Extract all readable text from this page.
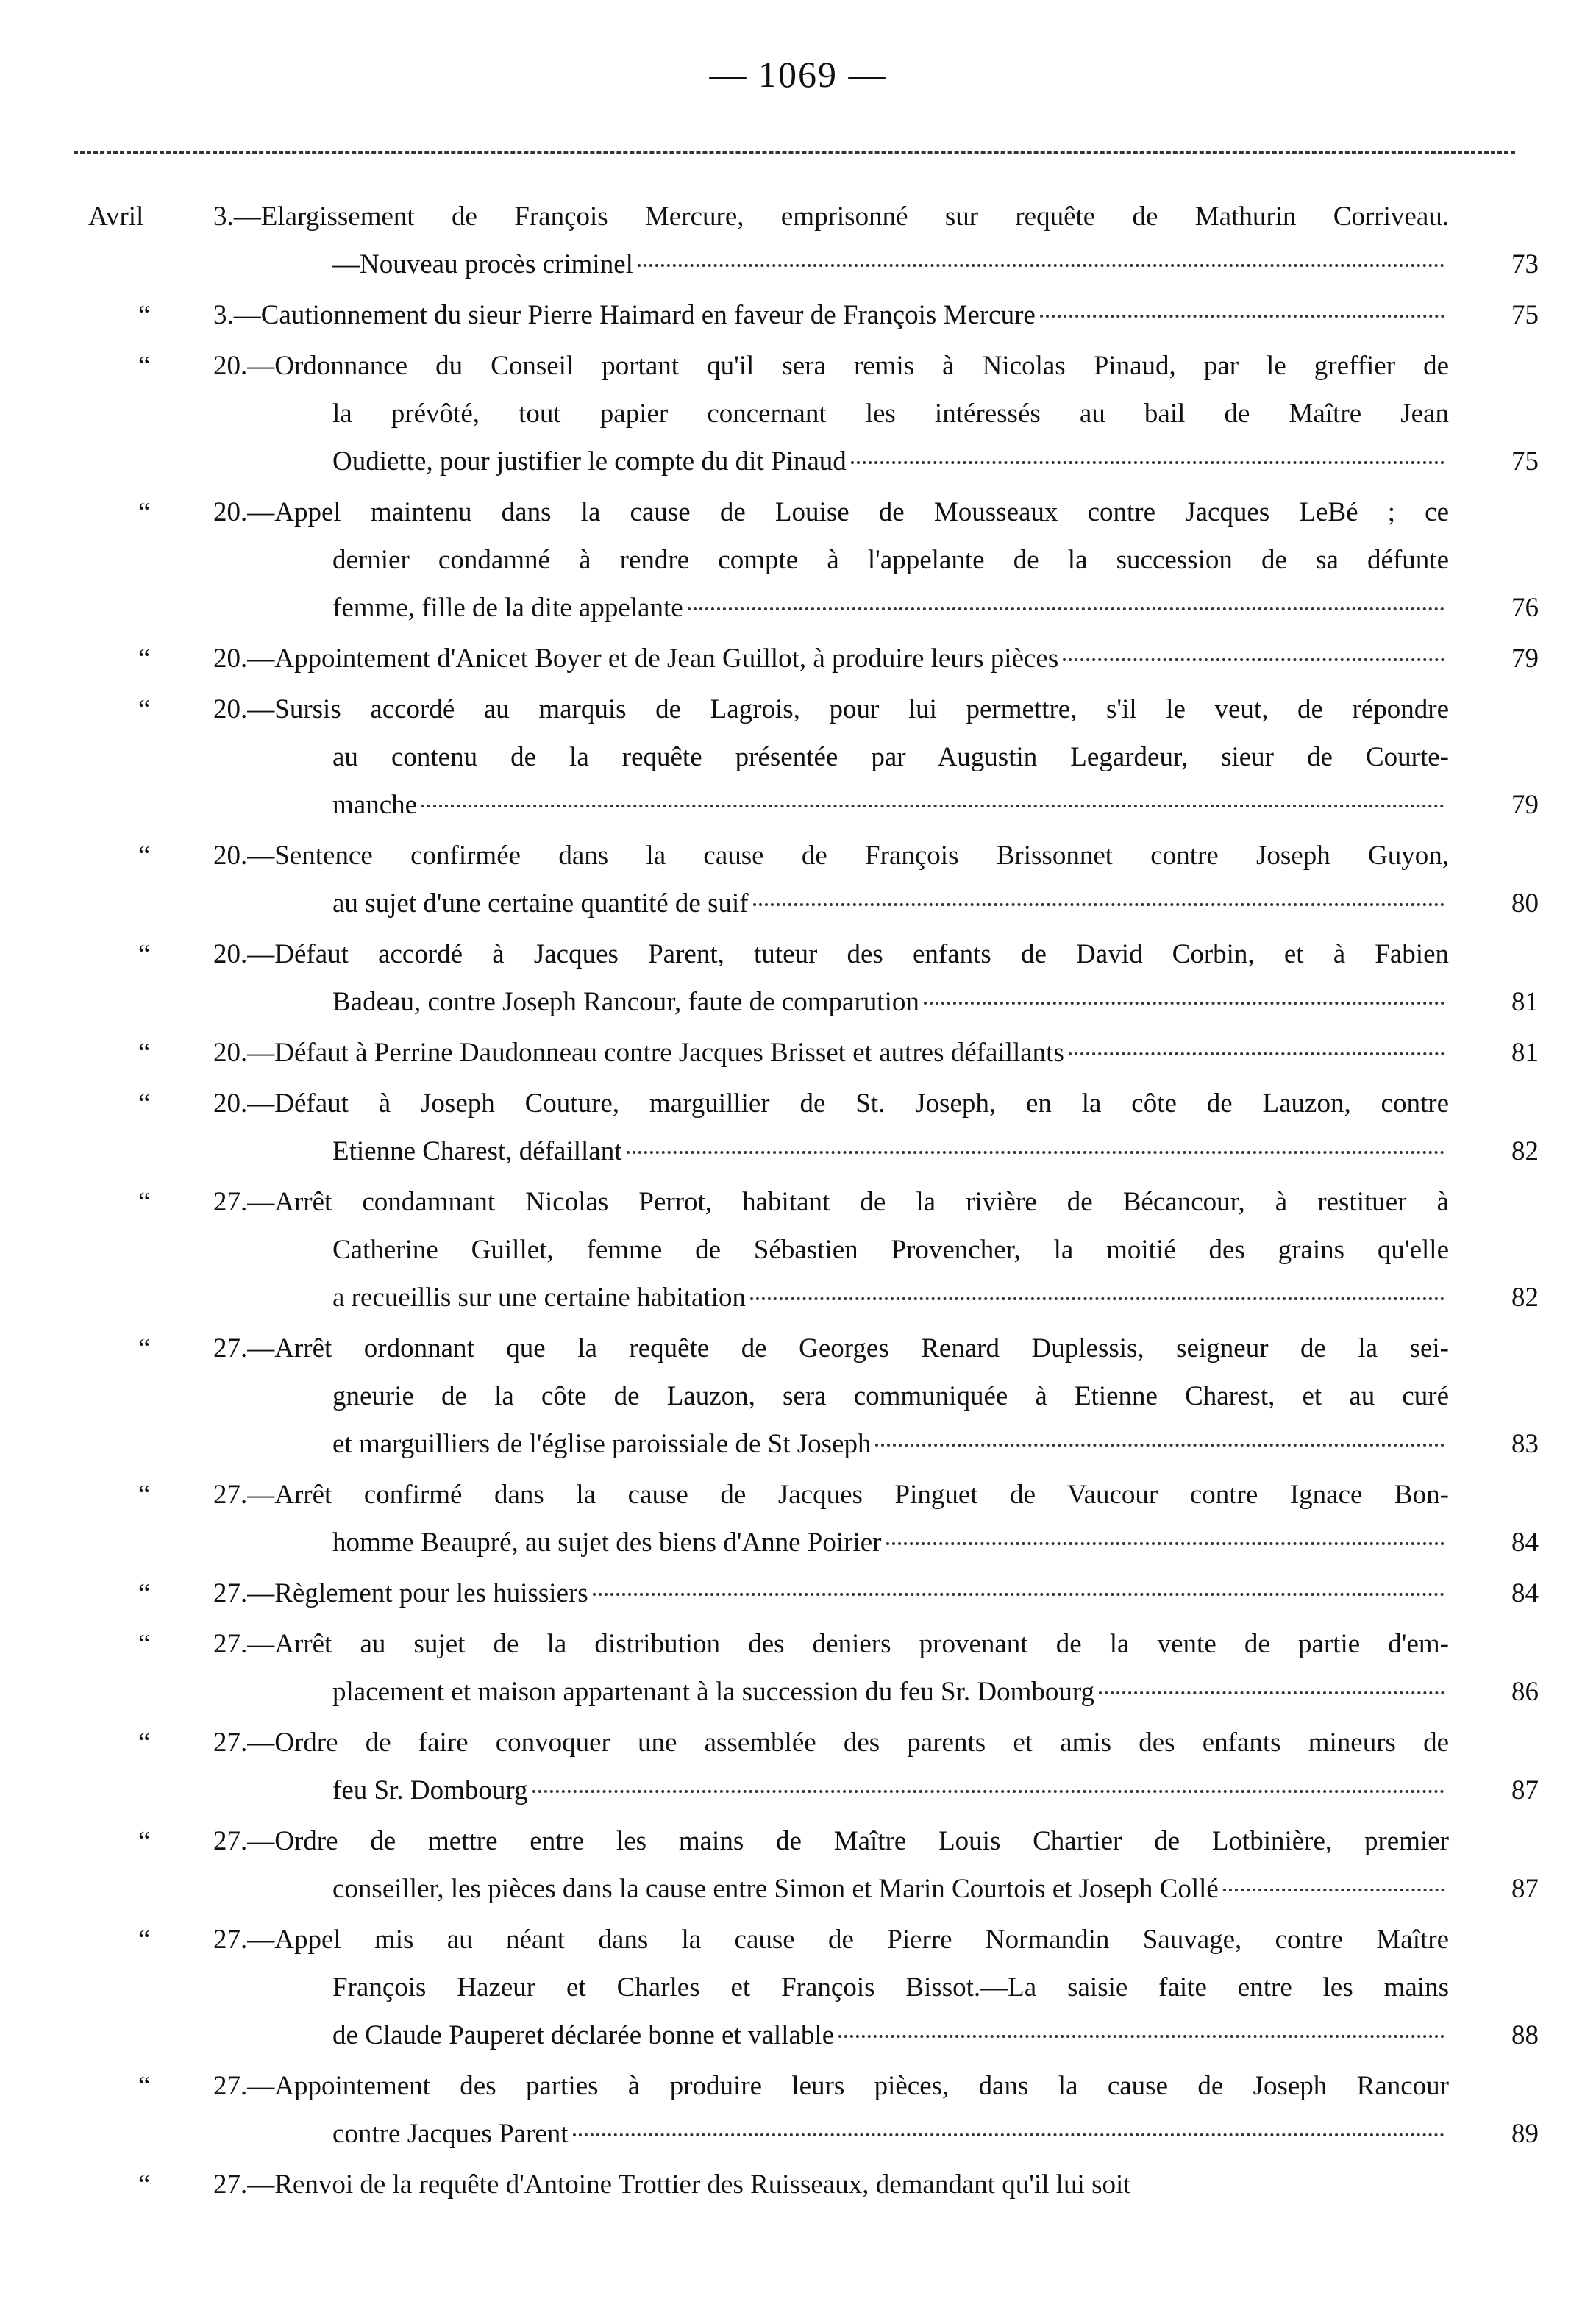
— 1069 —
Avril	3.—Elargissement de François Mercure, emprisonné sur requête de Mathurin Corriveau.
—Nouveau procès criminel	73
“ 3.—Cautionnement du sieur Pierre Haimard en faveur de François Mercure	75
“ 20.—Ordonnance du Conseil portant qu'il sera remis à Nicolas Pinaud, par le greffier de
la prévôté, tout papier concernant les intéressés au bail de Maître Jean
Oudiette, pour justifier le compte du dit Pinaud	75
“ 20.—Appel maintenu dans la cause de Louise de Mousseaux contre Jacques LeBé ; ce
dernier condamné à rendre compte à l'appelante de la succession de sa défunte
femme, fille de la dite appelante	76
“ 20.—Appointement d'Anicet Boyer et de Jean Guillot, à produire leurs pièces	79
“ 20.—Sursis accordé au marquis de Lagrois, pour lui permettre, s'il le veut, de répondre
au contenu de la requête présentée par Augustin Legardeur, sieur de Courte-
manche	79
“ 20.—Sentence confirmée dans la cause de François Brissonnet contre Joseph Guyon,
au sujet d'une certaine quantité de suif	80
“ 20.—Défaut accordé à Jacques Parent, tuteur des enfants de David Corbin, et à Fabien
Badeau, contre Joseph Rancour, faute de comparution	81
“ 20.—Défaut à Perrine Daudonneau contre Jacques Brisset et autres défaillants	81
“ 20.—Défaut à Joseph Couture, marguillier de St. Joseph, en la côte de Lauzon, contre
Etienne Charest, défaillant	82
“ 27.—Arrêt condamnant Nicolas Perrot, habitant de la rivière de Bécancour, à restituer à
Catherine Guillet, femme de Sébastien Provencher, la moitié des grains qu'elle
a recueillis sur une certaine habitation	82
“ 27.—Arrêt ordonnant que la requête de Georges Renard Duplessis, seigneur de la sei-
gneurie de la côte de Lauzon, sera communiquée à Etienne Charest, et au curé
et marguilliers de l'église paroissiale de St Joseph	83
“ 27.—Arrêt confirmé dans la cause de Jacques Pinguet de Vaucour contre Ignace Bon-
homme Beaupré, au sujet des biens d'Anne Poirier	84
“ 27.—Règlement pour les huissiers	84
“ 27.—Arrêt au sujet de la distribution des deniers provenant de la vente de partie d'em-
placement et maison appartenant à la succession du feu Sr. Dombourg	86
“ 27.—Ordre de faire convoquer une assemblée des parents et amis des enfants mineurs de
feu Sr. Dombourg	87
“ 27.—Ordre de mettre entre les mains de Maître Louis Chartier de Lotbinière, premier
conseiller, les pièces dans la cause entre Simon et Marin Courtois et Joseph Collé	87
“ 27.—Appel mis au néant dans la cause de Pierre Normandin Sauvage, contre Maître
François Hazeur et Charles et François Bissot.—La saisie faite entre les mains
de Claude Pauperet déclarée bonne et vallable	88
“ 27.—Appointement des parties à produire leurs pièces, dans la cause de Joseph Rancour
contre Jacques Parent	89
“ 27.—Renvoi de la requête d'Antoine Trottier des Ruisseaux, demandant qu'il lui soit
